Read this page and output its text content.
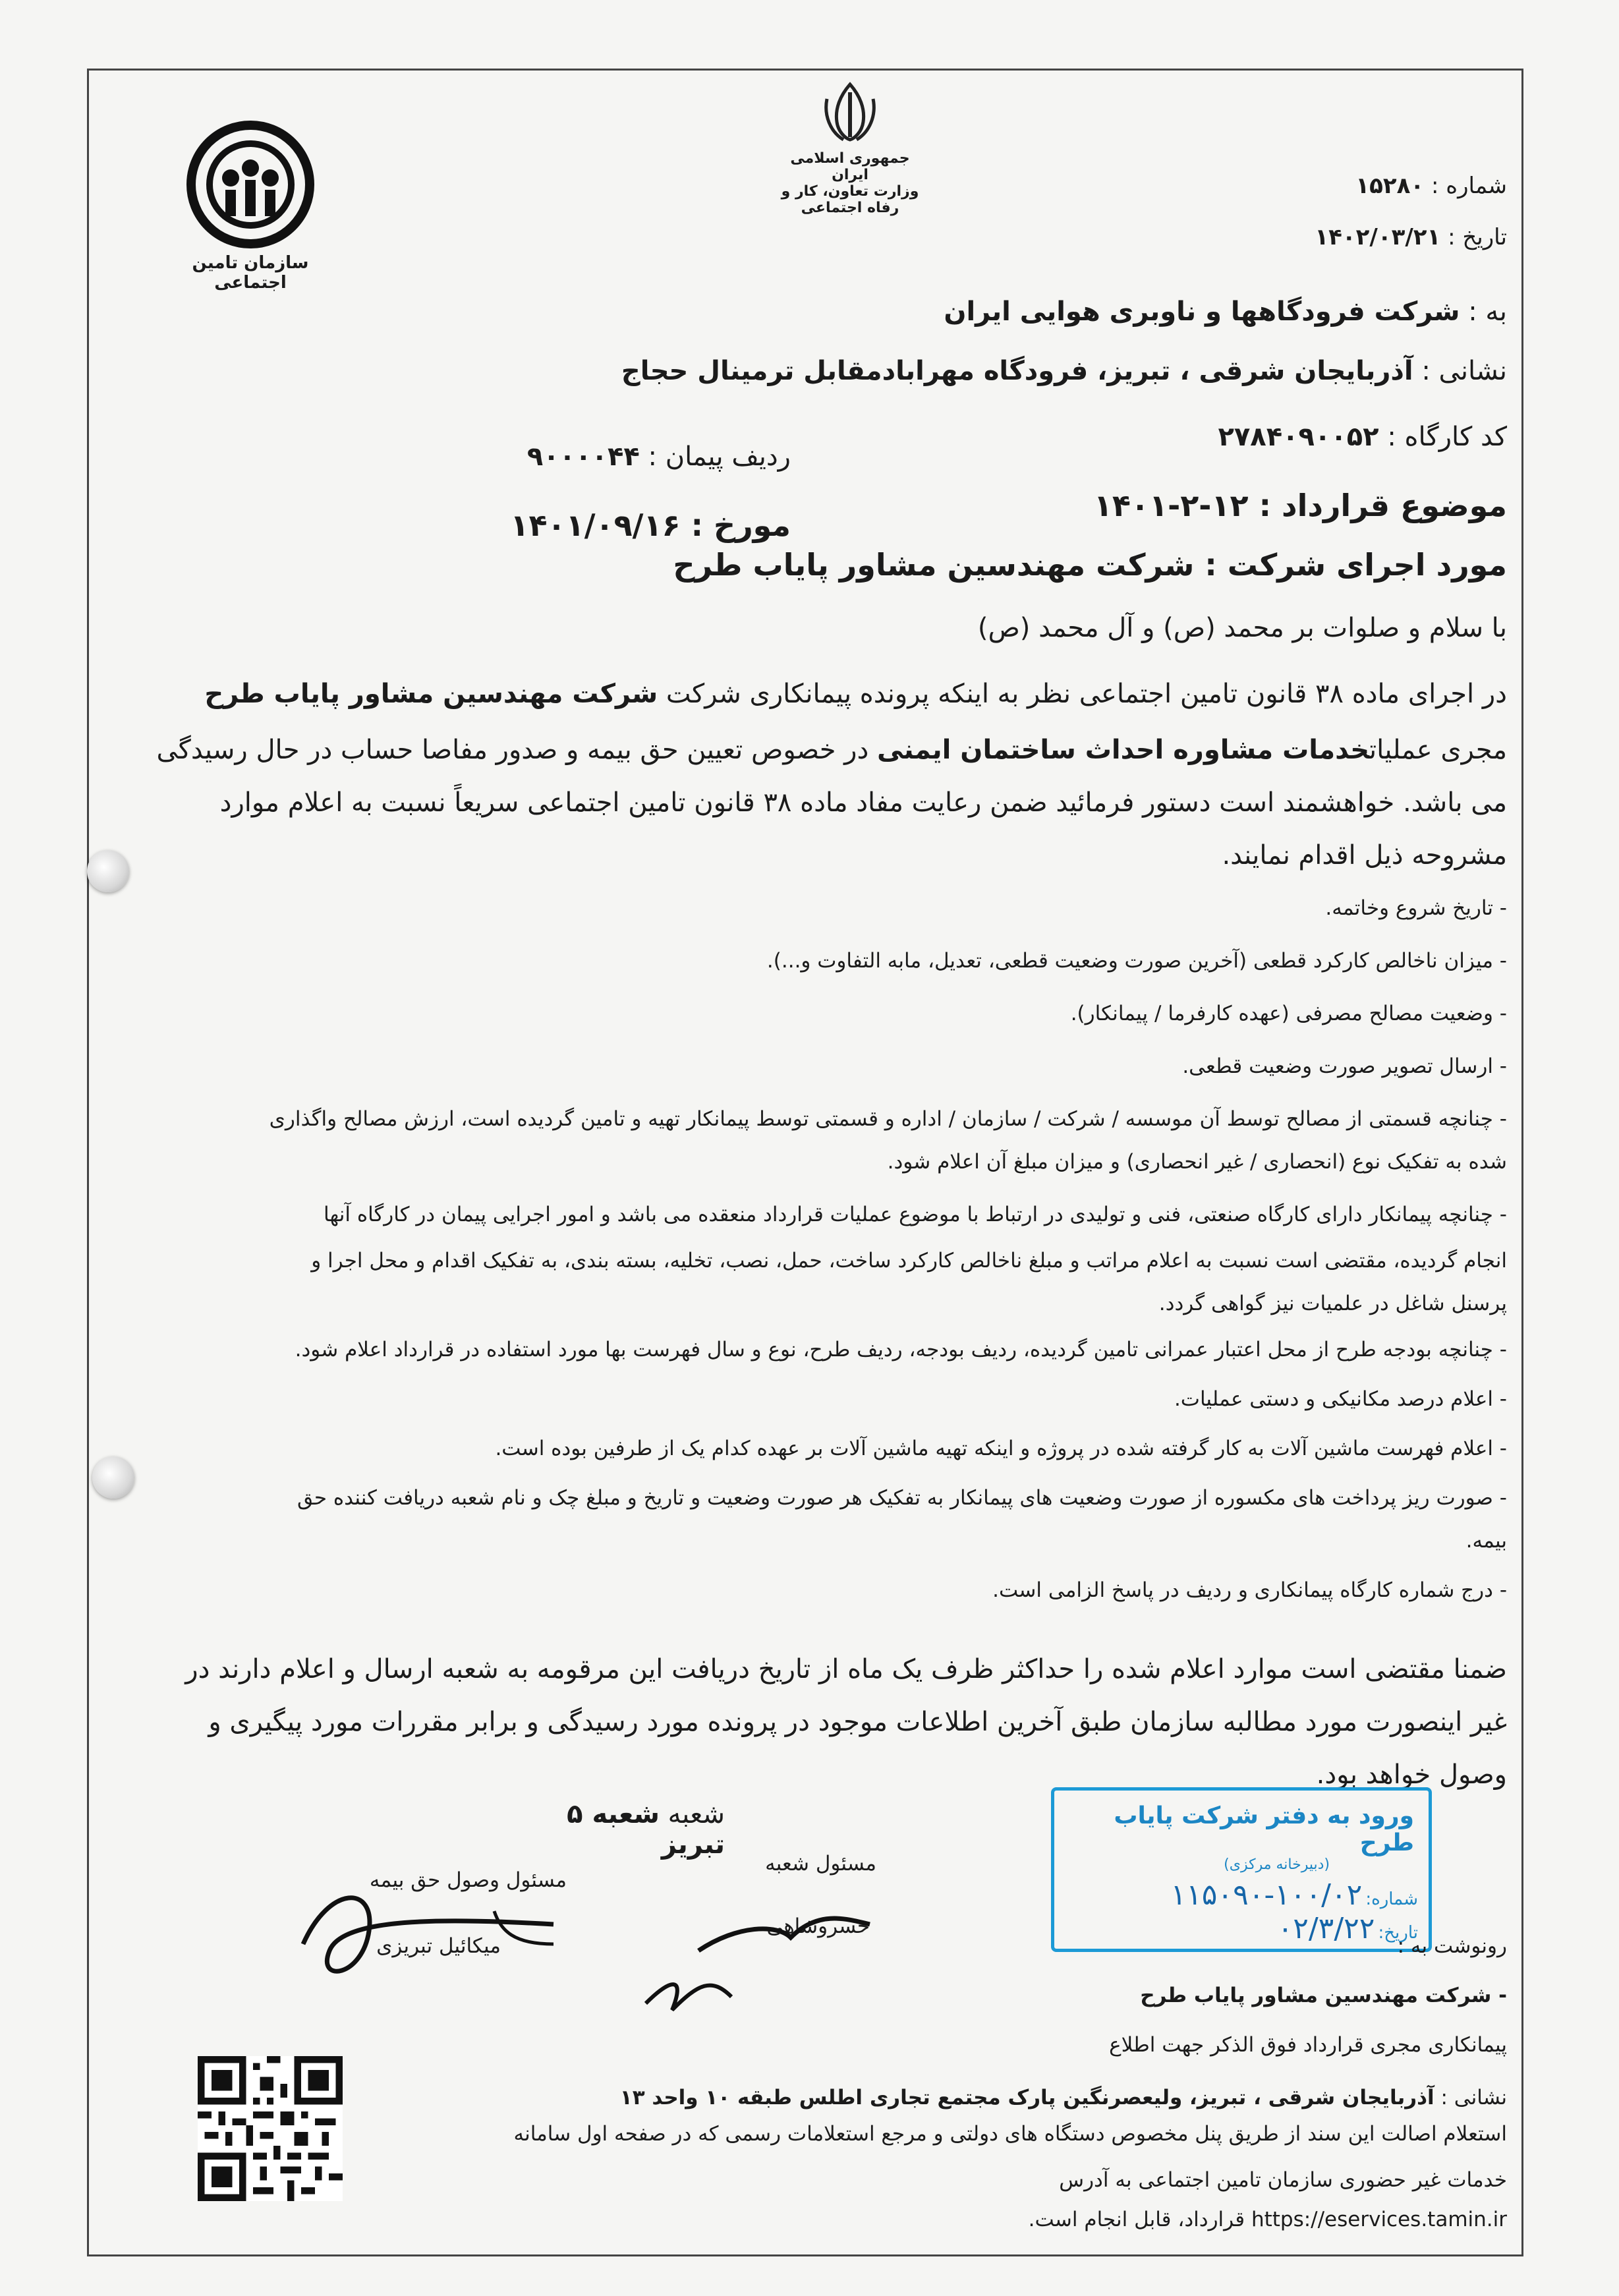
جمهوری اسلامی ایران
وزارت تعاون، کار و رفاه اجتماعی
سازمان تامین اجتماعی
شماره : ۱۵۲۸۰
تاریخ : ۱۴۰۲/۰۳/۲۱
به : شرکت فرودگاهها و ناوبری هوایی ایران
نشانی : آذربایجان شرقی ، تبریز، فرودگاه مهرابادمقابل ترمینال حجاج
کد کارگاه : ۲۷۸۴۰۹۰۰۵۲
ردیف پیمان : ۹۰۰۰۰۴۴
موضوع قرارداد : ۱۲-۲-۱۴۰۱
مورخ : ۱۴۰۱/۰۹/۱۶
مورد اجرای شرکت : شرکت مهندسین مشاور پایاب طرح
با سلام و صلوات بر محمد (ص) و آل محمد (ص)
در اجرای ماده ۳۸ قانون تامین اجتماعی نظر به اینکه پرونده پیمانکاری شرکت شرکت مهندسین مشاور پایاب طرح
مجری عملیاتخدمات مشاوره احداث ساختمان ایمنی در خصوص تعیین حق بیمه و صدور مفاصا حساب در حال رسیدگی
می باشد. خواهشمند است دستور فرمائید ضمن رعایت مفاد ماده ۳۸ قانون تامین اجتماعی سریعاً نسبت به اعلام موارد
مشروحه ذیل اقدام نمایند.
- تاریخ شروع وخاتمه.
- میزان ناخالص کارکرد قطعی (آخرین صورت وضعیت قطعی، تعدیل، مابه التفاوت و...).
- وضعیت مصالح مصرفی (عهده کارفرما / پیمانکار).
- ارسال تصویر صورت وضعیت قطعی.
- چنانچه قسمتی از مصالح توسط آن موسسه / شرکت / سازمان / اداره و قسمتی توسط پیمانکار تهیه و تامین گردیده است، ارزش مصالح واگذاری
شده به تفکیک نوع (انحصاری / غیر انحصاری) و میزان مبلغ آن اعلام شود.
- چنانچه پیمانکار دارای کارگاه صنعتی، فنی و تولیدی در ارتباط با موضوع عملیات قرارداد منعقده می باشد و امور اجرایی پیمان در کارگاه آنها
انجام گردیده، مقتضی است نسبت به اعلام مراتب و مبلغ ناخالص کارکرد ساخت، حمل، نصب، تخلیه، بسته بندی، به تفکیک اقدام و محل اجرا و
پرسنل شاغل در علمیات نیز گواهی گردد.
- چنانچه بودجه طرح از محل اعتبار عمرانی تامین گردیده، ردیف بودجه، ردیف طرح، نوع و سال فهرست بها مورد استفاده در قرارداد اعلام شود.
- اعلام درصد مکانیکی و دستی عملیات.
- اعلام فهرست ماشین آلات به کار گرفته شده در پروژه و اینکه تهیه ماشین آلات بر عهده کدام یک از طرفین بوده است.
- صورت ریز پرداخت های مکسوره از صورت وضعیت های پیمانکار به تفکیک هر صورت وضعیت و تاریخ و مبلغ چک و نام شعبه دریافت کننده حق
بیمه.
- درج شماره کارگاه پیمانکاری و ردیف در پاسخ الزامی است.
ضمنا مقتضی است موارد اعلام شده را حداکثر ظرف یک ماه از تاریخ دریافت این مرقومه به شعبه ارسال و اعلام دارند در
غیر اینصورت مورد مطالبه سازمان طبق آخرین اطلاعات موجود در پرونده مورد رسیدگی و برابر مقررات مورد پیگیری و
وصول خواهد بود.
شعبه شعبه ۵ تبریز
مسئول شعبه
خسروشاهی
مسئول وصول حق بیمه
میکائیل تبریزی
ورود به دفتر شرکت پایاب طرح
(دبیرخانه مرکزی)
شماره: ۱۰۰/۰۲-۱۱۵۰۹۰
تاریخ: ۰۲/۳/۲۲
رونوشت به :
- شرکت مهندسین مشاور پایاب طرح
پیمانکاری مجری قرارداد فوق الذکر جهت اطلاع
نشانی : آذربایجان شرقی ، تبریز، ولیعصرنگین پارک مجتمع تجاری اطلس طبقه ۱۰ واحد ۱۳
استعلام اصالت این سند از طریق پنل مخصوص دستگاه های دولتی و مرجع استعلامات رسمی که در صفحه اول سامانه
خدمات غیر حضوری سازمان تامین اجتماعی به آدرس
https://eservices.tamin.ir قرارداد، قابل انجام است.
